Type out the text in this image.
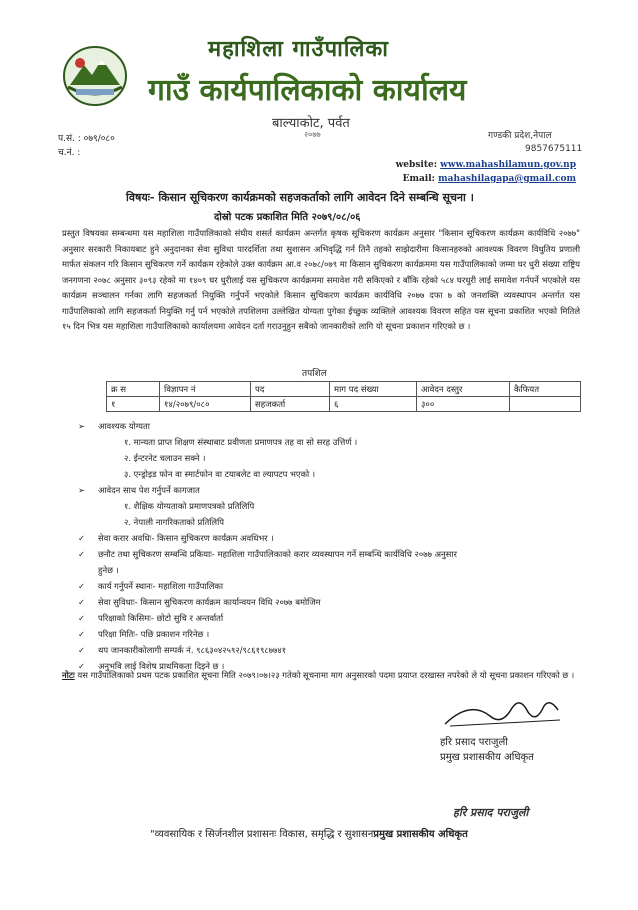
महाशिला गाउँपालिका
गाउँ कार्यपालिकाको कार्यालय
बाल्याकोट, पर्वत
२०७७
प.सं. : ०७९/०८०
च.नं. :
गण्डकी प्रदेश,नेपाल
9857675111
website: www.mahashilamun.gov.np
Email: mahashilagapa@gmail.com
विषयः- किसान सूचिकरण कार्यक्रमको सहजकर्ताको लागि आवेदन दिने सम्बन्धि सूचना ।
दोस्रो पटक प्रकाशित मिति २०७९/०८/०६
प्रस्तुत विषयका सम्बन्धमा यस महाशिला गाउँपालिकाको संघीय शसर्त कार्यक्रम अन्तर्गत कृषक सूचिकरण कार्यक्रम अनुसार "किसान सूचिकरण कार्यक्रम कार्यविधि २०७७" अनुसार सरकारी निकायबाट हुने अनुदानका सेवा सुविधा पारदर्शिता तथा सुशासन अभिवृद्धि गर्न तिनै तहको साझेदारीमा किसानहरुको आवश्यक विवरण विधुतिय प्रणाली मार्फत संकलन गरि किसान सुचिकरण गर्ने कार्यक्रम रहेकोले उक्त कार्यक्रम आ.व २०७८/०७९ मा किसान सुचिकरण कार्यक्रममा यस गाउँपालिकाको जम्मा घर धुरी संख्या राष्ट्रिय जनगणना २०७८ अनुसार ३०९३ रहेको मा १४०९ घर धुरीलाई यस सुचिकरण कार्यक्रममा समावेश गरी सकिएको र बाँकि रहेको ५८४ घरधुरी लाई समावेश गर्नपर्ने भएकोले यस कार्यक्रम सञ्चालन गर्नका लागि सहजकर्ता नियुक्ति गर्नुपर्ने भएकोले किसान सुचिकरण कार्यक्रम कार्यविधि २०७७ दफा ७ को जनशक्ति व्यवस्थापन अन्तर्गत यस गाउँपालिकाको लागि सहजकर्ता नियुक्ति गर्नु पर्न भएकोले तपशिलमा उल्लेखित योग्यता पुगेका ईच्छुक व्यक्तिले आवश्यक विवरण सहित यस सूचना प्रकाशित भएको मितिले १५ दिन भित्र यस महाशिला गाउँपालिकाको कार्यालयमा आवेदन दर्ता गराउनुहुन सबैको जानकारीको लागि यो सूचना प्रकाशन गरिएको छ ।
तपशिल
क्र स	विज्ञापन नं	पद	माग पद संख्या	आवेदन दस्तुर	कैफियत
१	१४/२०७९/०८०	सहजकर्ता	६	३००	
➢ आवश्यक योग्यता
१. मान्यता प्राप्त शिक्षण संस्थाबाट प्रवीणता प्रमाणपत्र तह वा सो सरह उत्तिर्ण ।
२. ईन्टरनेट चलाउन सक्ने ।
३. एन्ड्रोइड फोन वा स्मार्टफोन वा टयाबलेट वा ल्यापटप भएको ।
➢ आवेदन साथ पेश गर्नुपर्ने कागजात
१. शैक्षिक योग्यताको प्रमाणपत्रको प्रतिलिपि
२. नेपाली नागरिकताको प्रतिलिपि
✓ सेवा करार अवधिः- किसान सुचिकरण कार्यक्रम अवधिभर ।
✓ छनौट तथा सुचिकरण सम्बन्धि प्रकियाः- महाशिला गाउँपालिकाको करार व्यवस्थापन गर्ने सम्बन्धि कार्यविधि २०७७ अनुसार
हुनेछ ।
✓ कार्य गर्नुपर्ने स्थानः- महाशिला गाउँपालिका
✓ सेवा सुविधाः- किसान सुचिकरण कार्यक्रम कार्यान्वयन विधि २०७७ बमोजिम
✓ परिक्षाको किसिमः- छोटो सुचि र अन्तर्वार्ता
✓ परिक्षा मितिः- पछि प्रकाशन गरिनेछ ।
✓ थप जानकारीकोलागी सम्पर्क नं. ९८६३०४२५९२/९८६१९८७७४१
✓ अनुभवि लाई विशेष प्राथमिकता दिइने छ ।
नोटः यस गाउँपालिकाको प्रथम पटक प्रकाशित सूचना मिति २०७९।०७।२३ गतेको सूचनामा माग अनुसारको पदमा प्रयाप्त दरखास्त नपरेको ले यो सूचना प्रकाशन गरिएको छ ।
हरि प्रसाद पराजुली
प्रमुख प्रशासकीय अधिकृत
हरि प्रसाद पराजुली
"व्यवसायिक र सिर्जनशील प्रशासनः विकास, समृद्धि र सुशासनप्रमुख प्रशासकीय अधिकृत
